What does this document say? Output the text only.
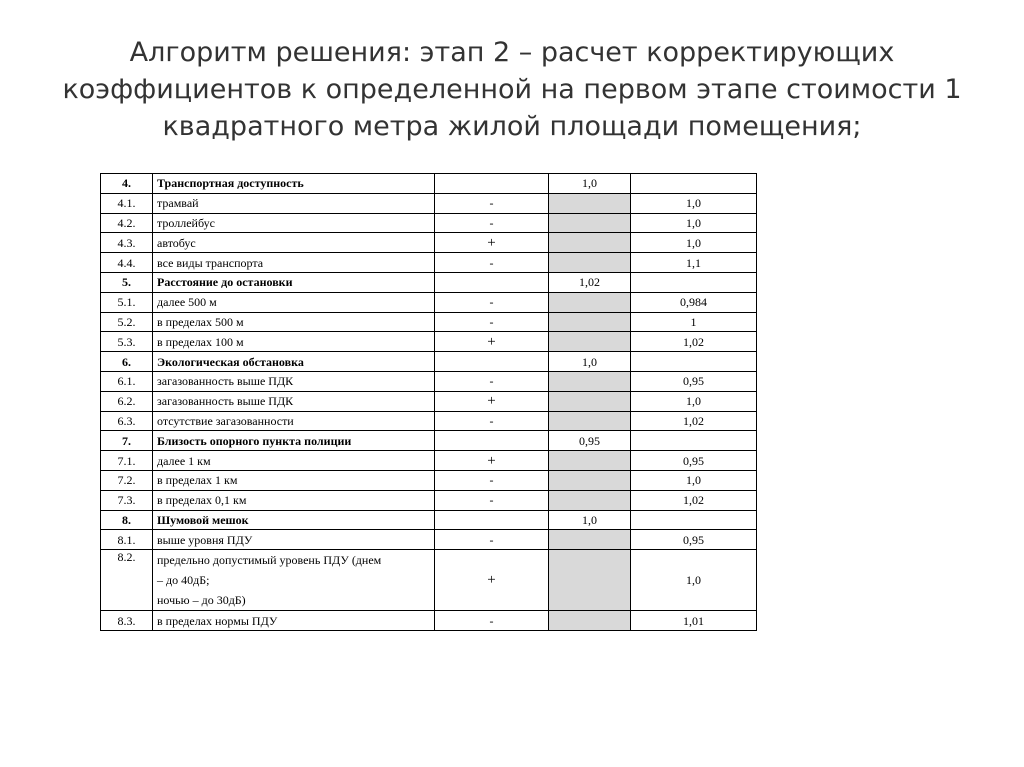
Алгоритм решения: этап 2 – расчет корректирующих
коэффициентов к определенной на первом этапе стоимости 1
квадратного метра жилой площади помещения;
4.	Транспортная доступность		1,0	
4.1.	трамвай	-		1,0
4.2.	троллейбус	-		1,0
4.3.	автобус	+		1,0
4.4.	все виды транспорта	-		1,1
5.	Расстояние до остановки		1,02	
5.1.	далее 500 м	-		0,984
5.2.	в пределах 500 м	-		1
5.3.	в пределах 100 м	+		1,02
6.	Экологическая обстановка		1,0	
6.1.	загазованность выше ПДК	-		0,95
6.2.	загазованность выше ПДК	+		1,0
6.3.	отсутствие загазованности	-		1,02
7.	Близость опорного пункта полиции		0,95	
7.1.	далее 1 км	+		0,95
7.2.	в пределах 1 км	-		1,0
7.3.	в пределах 0,1 км	-		1,02
8.	Шумовой мешок		1,0	
8.1.	выше уровня ПДУ	-		0,95
8.2.	предельно допустимый уровень ПДУ (днем
– до 40дБ;
ночью – до 30дБ)	+		1,0
8.3.	в пределах нормы ПДУ	-		1,01
